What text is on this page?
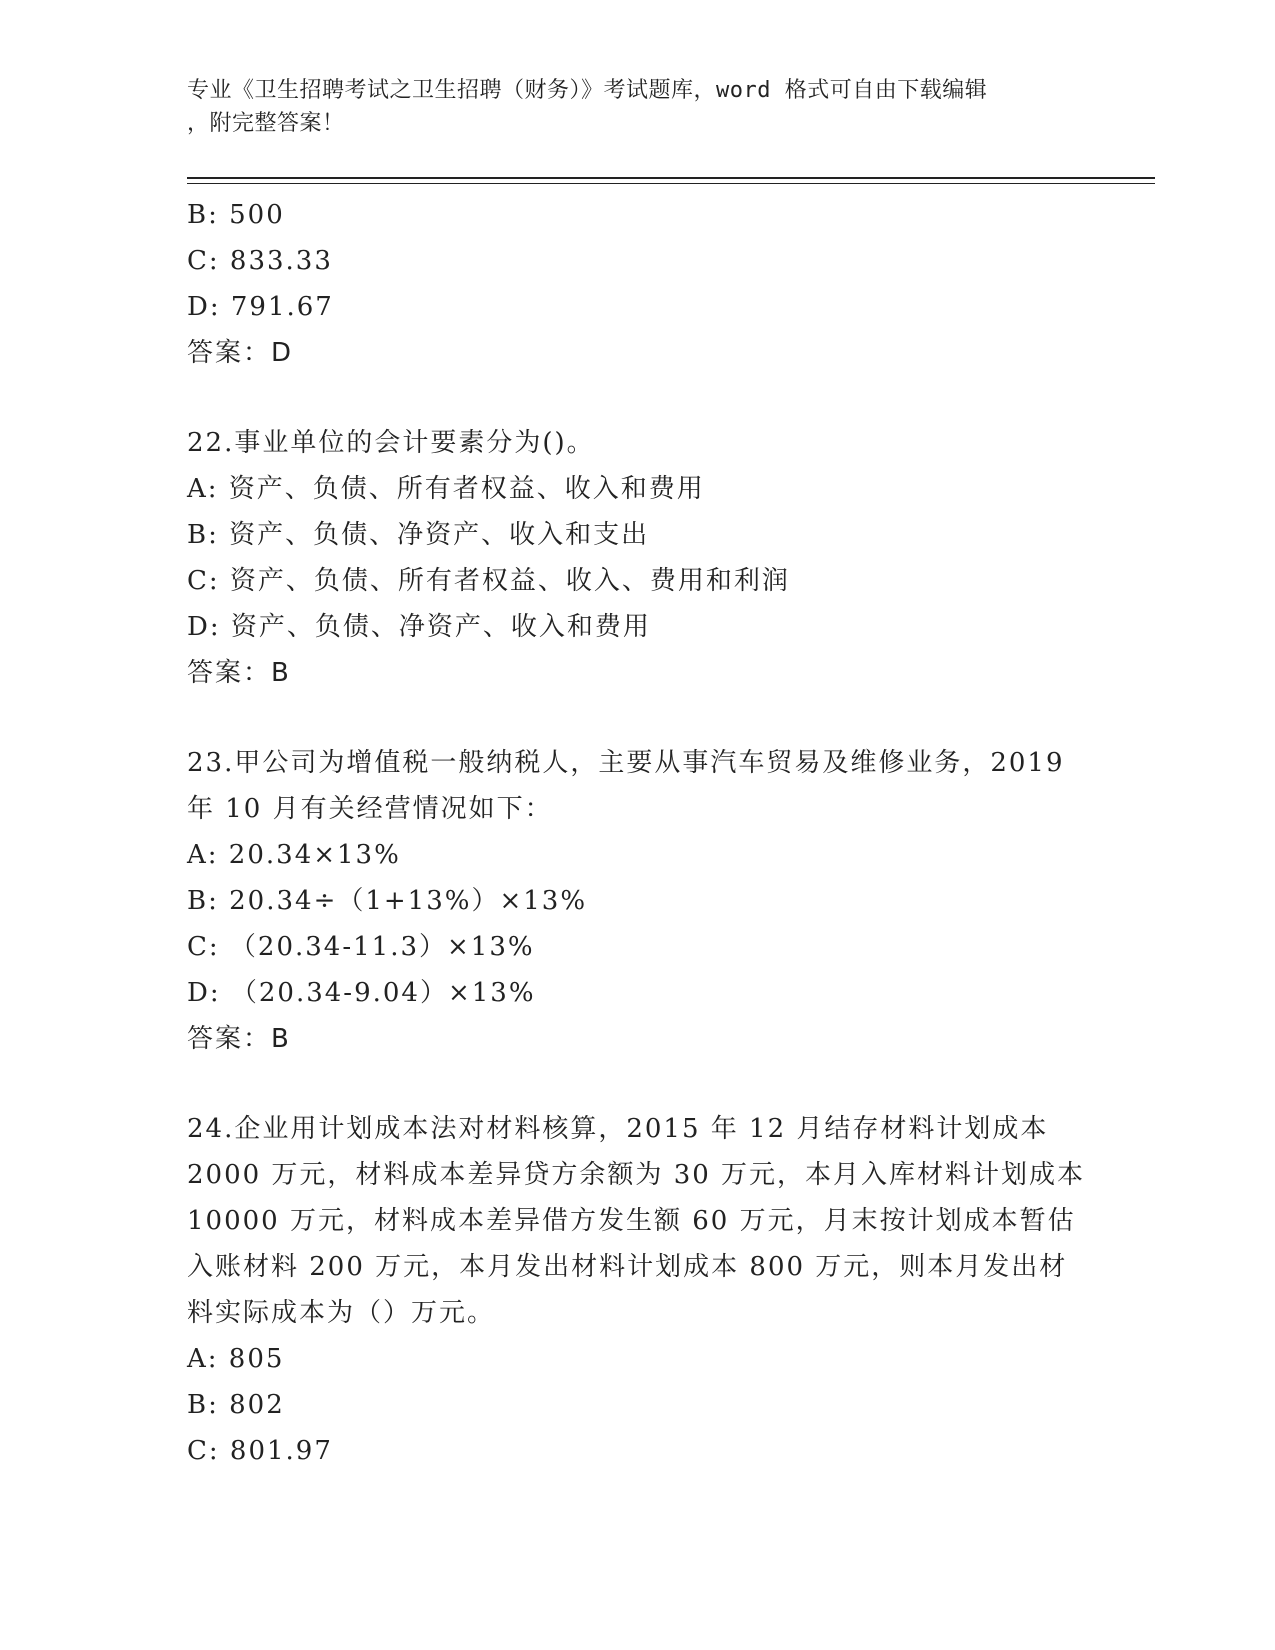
专业《卫生招聘考试之卫生招聘（财务）》考试题库，word 格式可自由下载编辑
，附完整答案！
B: 500
C: 833.33
D: 791.67
答案：D
22.事业单位的会计要素分为()。
A: 资产、负债、所有者权益、收入和费用
B: 资产、负债、净资产、收入和支出
C: 资产、负债、所有者权益、收入、费用和利润
D: 资产、负债、净资产、收入和费用
答案：B
23.甲公司为增值税一般纳税人，主要从事汽车贸易及维修业务，2019
年 10 月有关经营情况如下：
A: 20.34×13%
B: 20.34÷（1+13%）×13%
C: （20.34-11.3）×13%
D: （20.34-9.04）×13%
答案：B
24.企业用计划成本法对材料核算，2015 年 12 月结存材料计划成本
2000 万元，材料成本差异贷方余额为 30 万元，本月入库材料计划成本
10000 万元，材料成本差异借方发生额 60 万元，月末按计划成本暂估
入账材料 200 万元，本月发出材料计划成本 800 万元，则本月发出材
料实际成本为（）万元。
A: 805
B: 802
C: 801.97
